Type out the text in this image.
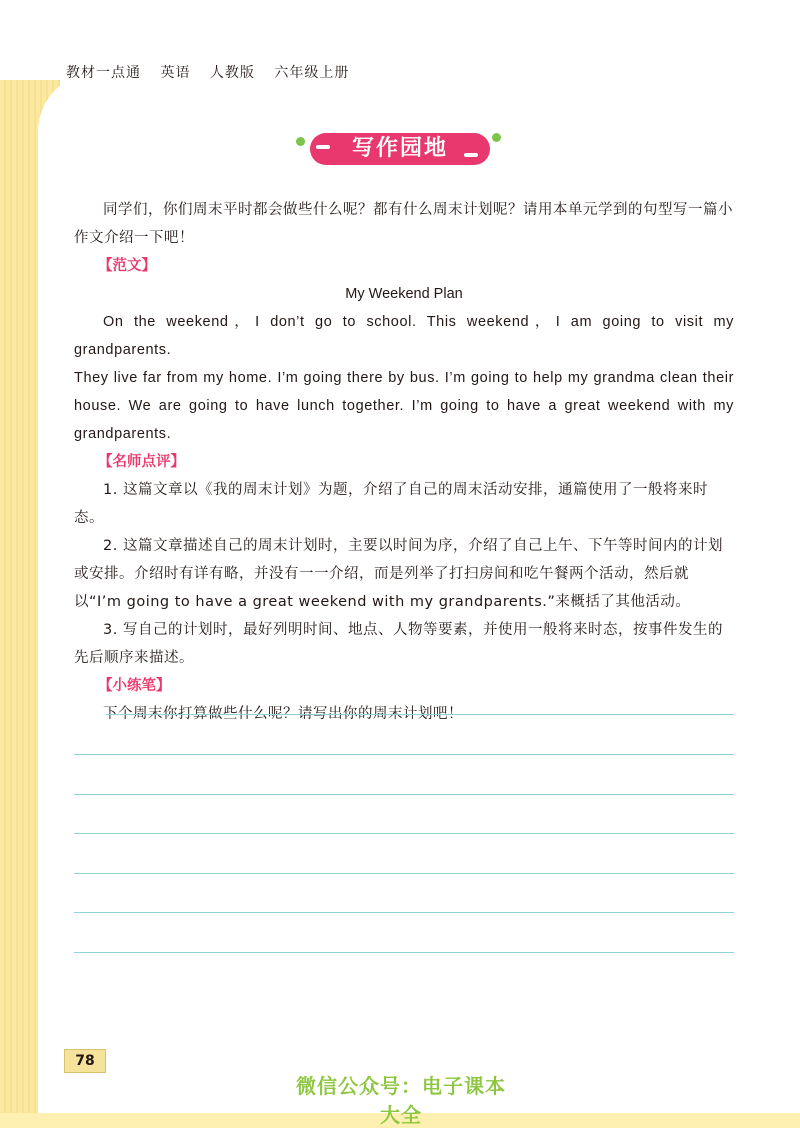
教材一点通 英语 人教版 六年级上册
写作园地

同学们，你们周末平时都会做些什么呢？都有什么周末计划呢？请用本单元学到的句型写一篇小作文介绍一下吧！

【范文】

My Weekend Plan

On the weekend，I don’t go to school. This weekend，I am going to visit my grandparents.

They live far from my home. I’m going there by bus. I’m going to help my grandma clean their

house. We are going to have lunch together. I’m going to have a great weekend with my

grandparents.

【名师点评】

1. 这篇文章以《我的周末计划》为题，介绍了自己的周末活动安排，通篇使用了一般将来时态。

2. 这篇文章描述自己的周末计划时，主要以时间为序，介绍了自己上午、下午等时间内的计划或安排。介绍时有详有略，并没有一一介绍，而是列举了打扫房间和吃午餐两个活动，然后就以“I’m going to have a great weekend with my grandparents.”来概括了其他活动。

3. 写自己的计划时，最好列明时间、地点、人物等要素，并使用一般将来时态，按事件发生的先后顺序来描述。

【小练笔】

下个周末你打算做些什么呢？请写出你的周末计划吧！

78
微信公众号：电子课本大全
